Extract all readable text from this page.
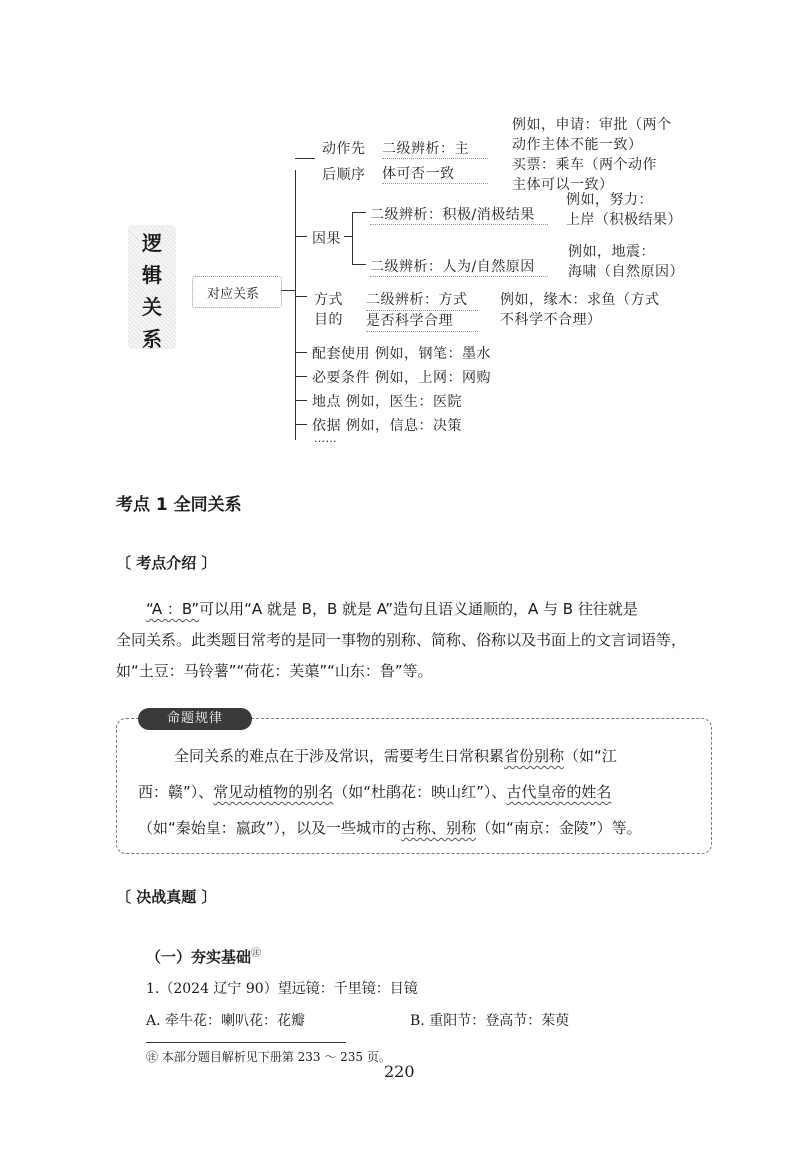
逻
辑
关
系
对应关系
动作先
后顺序
二级辨析：主
体可否一致
例如，申请：审批（两个
动作主体不能一致）
买票：乘车（两个动作
主体可以一致）
因果
二级辨析：积极/消极结果
例如，努力：
上岸（积极结果）
二级辨析：人为/自然原因
例如，地震：
海啸（自然原因）
方式
目的
二级辨析：方式
是否科学合理
例如，缘木：求鱼（方式
不科学不合理）
配套使用 例如，钢笔：墨水
必要条件 例如，上网：网购
地点 例如，医生：医院
依据 例如，信息：决策
……
考点 1 全同关系
〔 考点介绍 〕
“A ：B”可以用“A 就是 B，B 就是 A”造句且语义通顺的，A 与 B 往往就是
全同关系。此类题目常考的是同一事物的别称、简称、俗称以及书面上的文言词语等，
如“土豆：马铃薯”“荷花：芙蕖”“山东：鲁”等。
命题规律
全同关系的难点在于涉及常识，需要考生日常积累省份别称（如“江
西：赣”）、常见动植物的别名（如“杜鹃花：映山红”）、古代皇帝的姓名
（如“秦始皇：嬴政”），以及一些城市的古称、别称（如“南京：金陵”）等。
〔 决战真题 〕
（一）夯实基础㊟
1.（2024 辽宁 90）望远镜：千里镜：目镜
A. 牵牛花：喇叭花：花瓣	B. 重阳节：登高节：茱萸
㊟ 本部分题目解析见下册第 233 ～ 235 页。
220
